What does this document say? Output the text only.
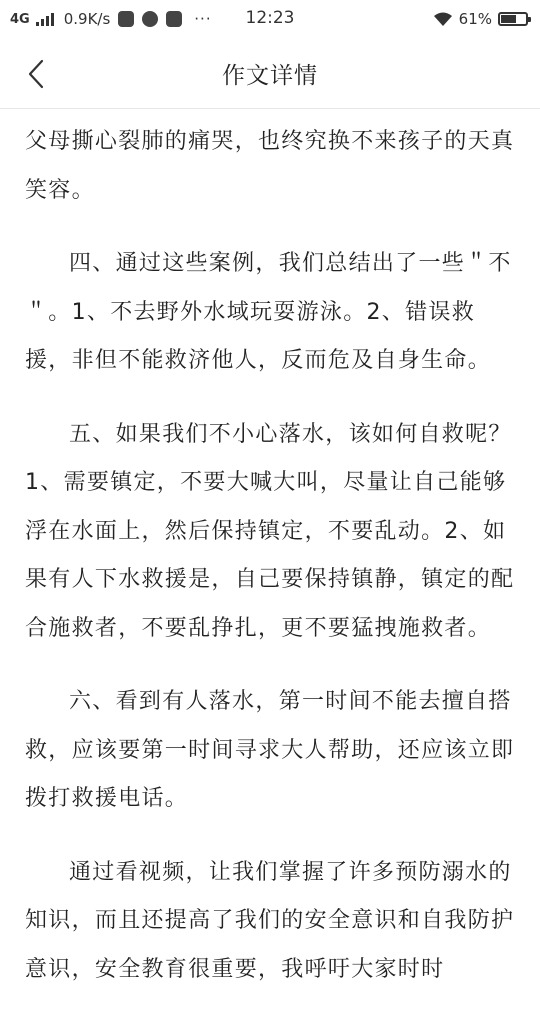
4G 0.9K/s	···	12:23	61%
作文详情

父母撕心裂肺的痛哭，也终究换不来孩子的天真笑容。

四、通过这些案例，我们总结出了一些＂不＂。1、不去野外水域玩耍游泳。2、错误救援，非但不能救济他人，反而危及自身生命。

五、如果我们不小心落水，该如何自救呢？1、需要镇定，不要大喊大叫，尽量让自己能够浮在水面上，然后保持镇定，不要乱动。2、如果有人下水救援是，自己要保持镇静，镇定的配合施救者，不要乱挣扎，更不要猛拽施救者。

六、看到有人落水，第一时间不能去擅自搭救，应该要第一时间寻求大人帮助，还应该立即拨打救援电话。

通过看视频，让我们掌握了许多预防溺水的知识，而且还提高了我们的安全意识和自我防护意识，安全教育很重要，我呼吁大家时时
